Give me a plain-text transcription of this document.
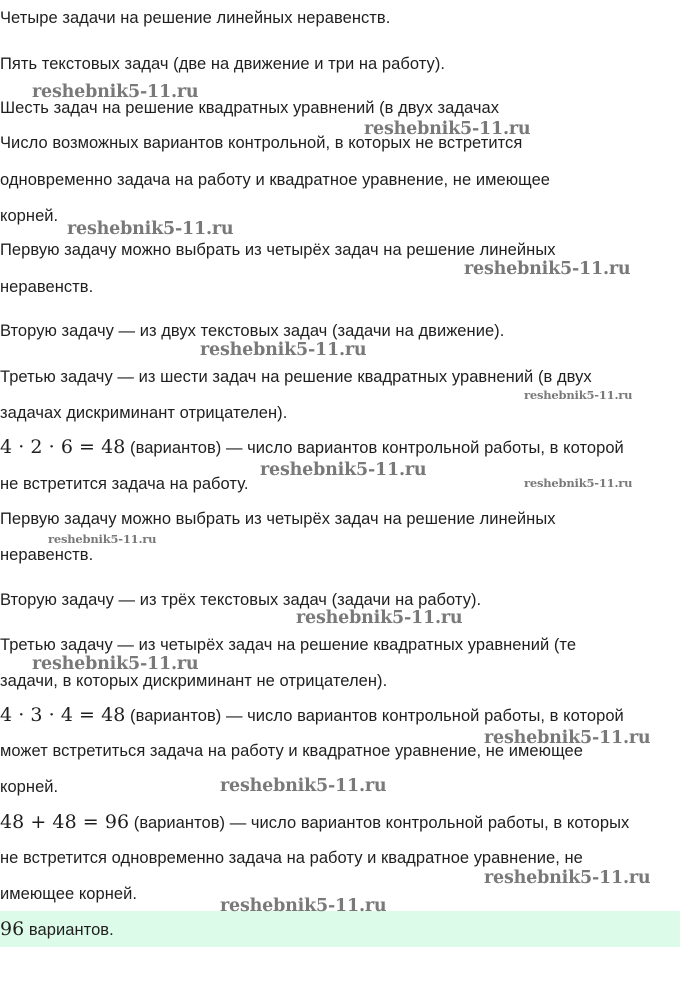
Четыре задачи на решение линейных неравенств.
Пять текстовых задач (две на движение и три на работу).
Шесть задач на решение квадратных уравнений (в двух задачах
Число возможных вариантов контрольной, в которых не встретится
одновременно задача на работу и квадратное уравнение, не имеющее
корней.
Первую задачу можно выбрать из четырёх задач на решение линейных
неравенств.
Вторую задачу — из двух текстовых задач (задачи на движение).
Третью задачу — из шести задач на решение квадратных уравнений (в двух
задачах дискриминант отрицателен).
4 · 2 · 6 = 48 (вариантов) — число вариантов контрольной работы, в которой
не встретится задача на работу.
Первую задачу можно выбрать из четырёх задач на решение линейных
неравенств.
Вторую задачу — из трёх текстовых задач (задачи на работу).
Третью задачу — из четырёх задач на решение квадратных уравнений (те
задачи, в которых дискриминант не отрицателен).
4 · 3 · 4 = 48 (вариантов) — число вариантов контрольной работы, в которой
может встретиться задача на работу и квадратное уравнение, не имеющее
корней.
48 + 48 = 96 (вариантов) — число вариантов контрольной работы, в которых
не встретится одновременно задача на работу и квадратное уравнение, не
имеющее корней.
96 вариантов.
reshebnik5-11.ru
reshebnik5-11.ru
reshebnik5-11.ru
reshebnik5-11.ru
reshebnik5-11.ru
reshebnik5-11.ru
reshebnik5-11.ru
reshebnik5-11.ru
reshebnik5-11.ru
reshebnik5-11.ru
reshebnik5-11.ru
reshebnik5-11.ru
reshebnik5-11.ru
reshebnik5-11.ru
reshebnik5-11.ru
